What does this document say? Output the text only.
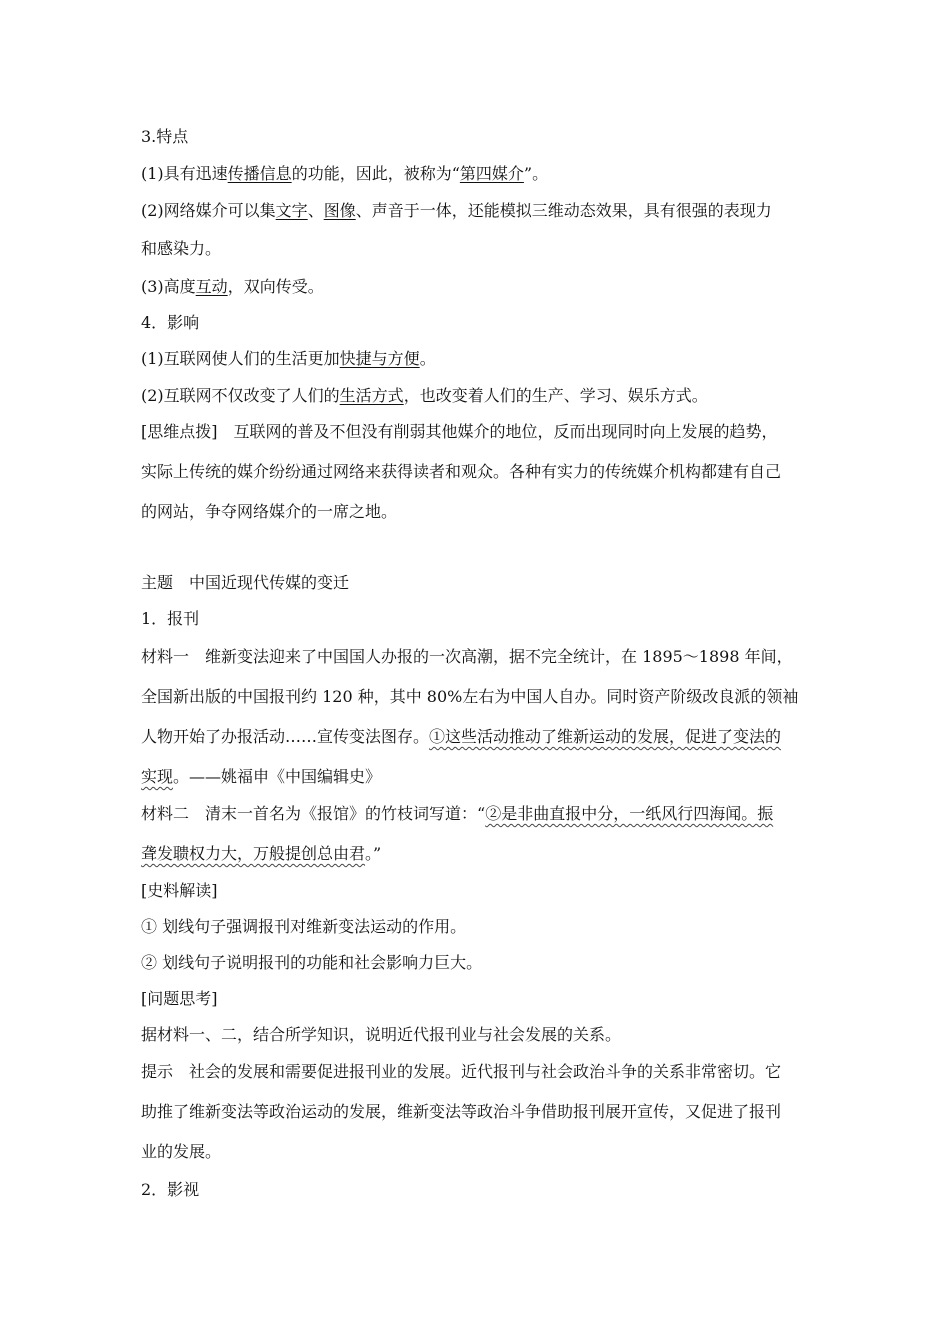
3.特点
(1)具有迅速传播信息的功能，因此，被称为“第四媒介”。
(2)网络媒介可以集文字、图像、声音于一体，还能模拟三维动态效果，具有很强的表现力
和感染力。
(3)高度互动，双向传受。
4．影响
(1)互联网使人们的生活更加快捷与方便。
(2)互联网不仅改变了人们的生活方式，也改变着人们的生产、学习、娱乐方式。
[思维点拨]　互联网的普及不但没有削弱其他媒介的地位，反而出现同时向上发展的趋势，
实际上传统的媒介纷纷通过网络来获得读者和观众。各种有实力的传统媒介机构都建有自己
的网站，争夺网络媒介的一席之地。
主题　中国近现代传媒的变迁
1．报刊
材料一　维新变法迎来了中国国人办报的一次高潮，据不完全统计，在 1895～1898 年间，
全国新出版的中国报刊约 120 种，其中 80%左右为中国人自办。同时资产阶级改良派的领袖
人物开始了办报活动……宣传变法图存。①这些活动推动了维新运动的发展，促进了变法的
实现。——姚福申《中国编辑史》
材料二　清末一首名为《报馆》的竹枝词写道：“②是非曲直报中分，一纸风行四海闻。振
聋发聩权力大，万般提创总由君。”
[史料解读]
① 划线句子强调报刊对维新变法运动的作用。
② 划线句子说明报刊的功能和社会影响力巨大。
[问题思考]
据材料一、二，结合所学知识，说明近代报刊业与社会发展的关系。
提示　社会的发展和需要促进报刊业的发展。近代报刊与社会政治斗争的关系非常密切。它
助推了维新变法等政治运动的发展，维新变法等政治斗争借助报刊展开宣传，又促进了报刊
业的发展。
2．影视
